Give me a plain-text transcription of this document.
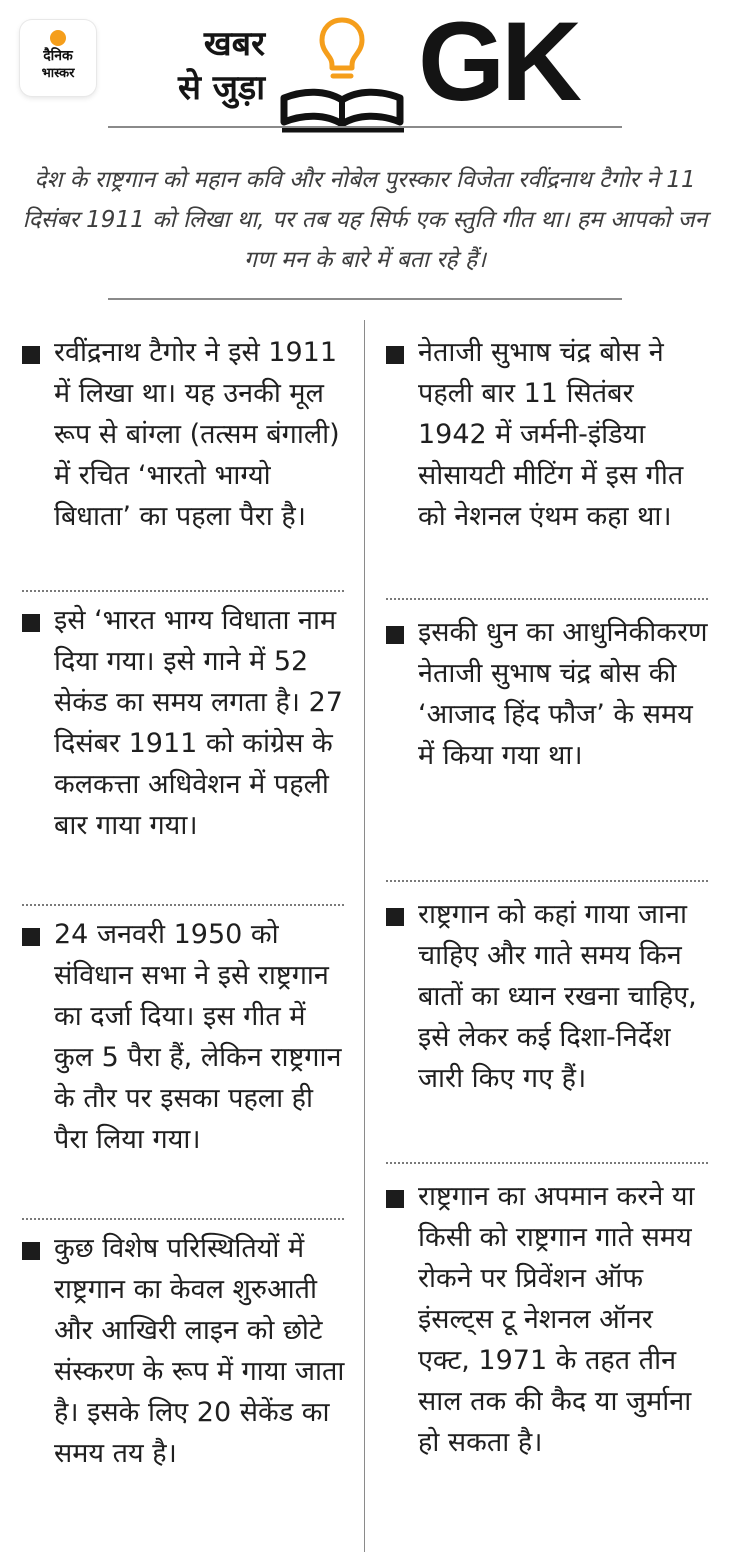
दैनिक
भास्कर
खबर
से जुड़ा GK
देश के राष्ट्रगान को महान कवि और नोबेल पुरस्कार विजेता रवींद्रनाथ टैगोर ने 11 दिसंबर 1911 को लिखा था, पर तब यह सिर्फ एक स्तुति गीत था। हम आपको जन गण मन के बारे में बता रहे हैं।
रवींद्रनाथ टैगोर ने इसे 1911 में लिखा था। यह उनकी मूल रूप से बांग्ला (तत्सम बंगाली) में रचित ‘भारतो भाग्यो बिधाता’ का पहला पैरा है।
इसे ‘भारत भाग्य विधाता नाम दिया गया। इसे गाने में 52 सेकंड का समय लगता है। 27 दिसंबर 1911 को कांग्रेस के कलकत्ता अधिवेशन में पहली बार गाया गया।
24 जनवरी 1950 को संविधान सभा ने इसे राष्ट्रगान का दर्जा दिया। इस गीत में कुल 5 पैरा हैं, लेकिन राष्ट्रगान के तौर पर इसका पहला ही पैरा लिया गया।
कुछ विशेष परिस्थितियों में राष्ट्रगान का केवल शुरुआती और आखिरी लाइन को छोटे संस्करण के रूप में गाया जाता है। इसके लिए 20 सेकेंड का समय तय है।
नेताजी सुभाष चंद्र बोस ने पहली बार 11 सितंबर 1942 में जर्मनी-इंडिया सोसायटी मीटिंग में इस गीत को नेशनल एंथम कहा था।
इसकी धुन का आधुनिकीकरण नेताजी सुभाष चंद्र बोस की ‘आजाद हिंद फौज’ के समय में किया गया था।
राष्ट्रगान को कहां गाया जाना चाहिए और गाते समय किन बातों का ध्यान रखना चाहिए, इसे लेकर कई दिशा-निर्देश जारी किए गए हैं।
राष्ट्रगान का अपमान करने या किसी को राष्ट्रगान गाते समय रोकने पर प्रिवेंशन ऑफ इंसल्ट्स टू नेशनल ऑनर एक्ट, 1971 के तहत तीन साल तक की कैद या जुर्माना हो सकता है।
